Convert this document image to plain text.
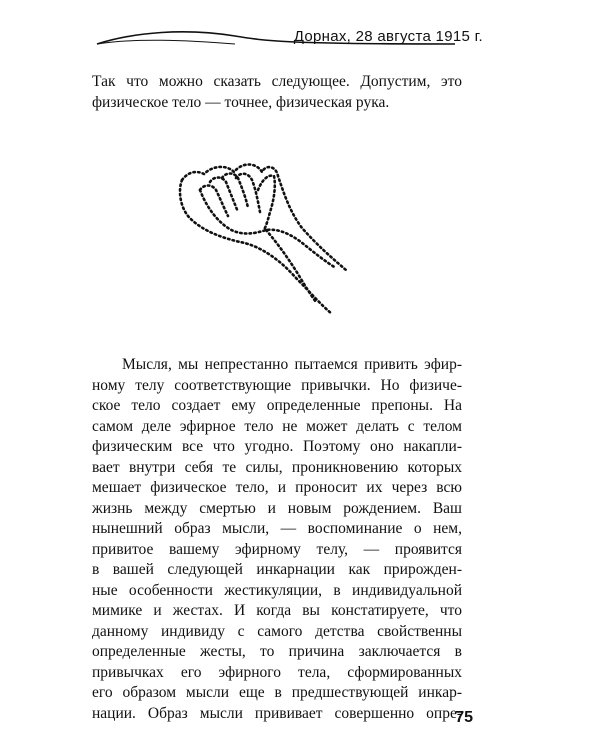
Дорнах, 28 августа 1915 г.

Так что можно сказать следующее. Допустим, это
физическое тело — точнее, физическая рука.

Мысля, мы непрестанно пытаемся привить эфир-
ному телу соответствующие привычки. Но физиче-
ское тело создает ему определенные препоны. На
самом деле эфирное тело не может делать с телом
физическим все что угодно. Поэтому оно накапли-
вает внутри себя те силы, проникновению которых
мешает физическое тело, и проносит их через всю
жизнь между смертью и новым рождением. Ваш
нынешний образ мысли, — воспоминание о нем,
привитое вашему эфирному телу, — проявится
в вашей следующей инкарнации как прирожден-
ные особенности жестикуляции, в индивидуальной
мимике и жестах. И когда вы констатируете, что
данному индивиду с самого детства свойственны
определенные жесты, то причина заключается в
привычках его эфирного тела, сформированных
его образом мысли еще в предшествующей инкар-
нации. Образ мысли прививает совершенно опре-

75
